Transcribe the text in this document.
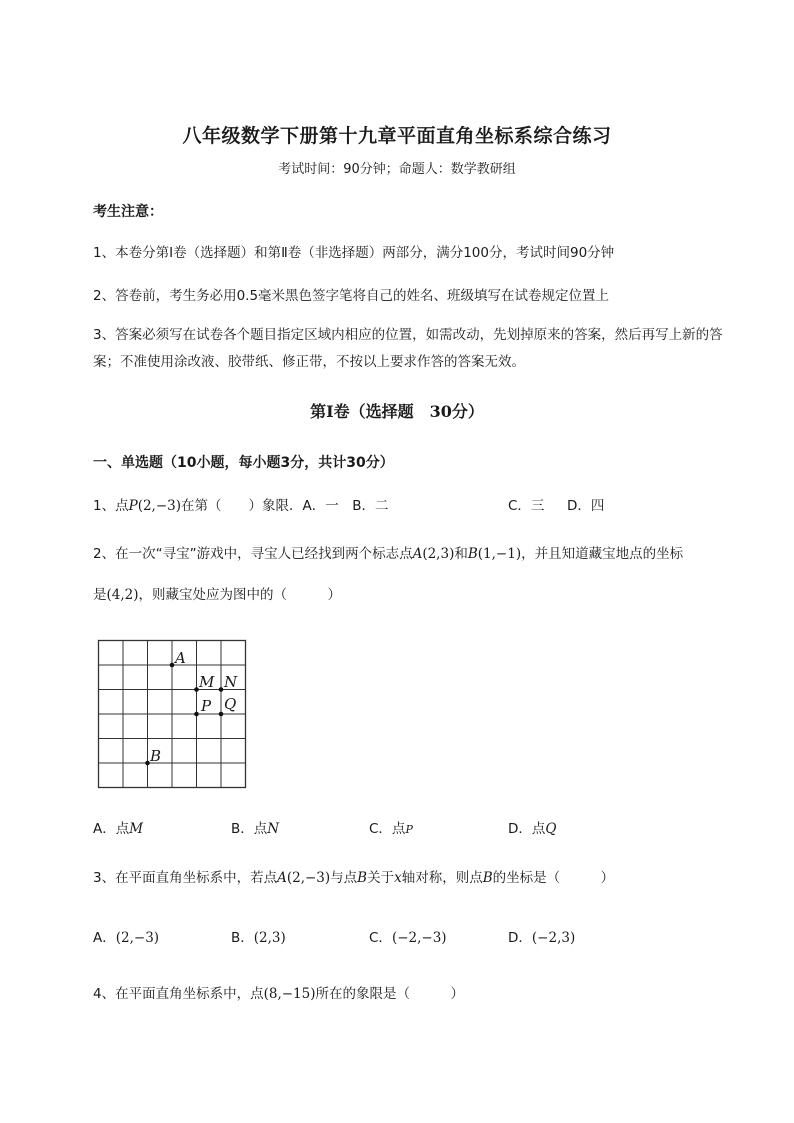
八年级数学下册第十九章平面直角坐标系综合练习
考试时间：90分钟；命题人：数学教研组
考生注意：
1、本卷分第Ⅰ卷（选择题）和第Ⅱ卷（非选择题）两部分，满分100分，考试时间90分钟
2、答卷前，考生务必用0.5毫米黑色签字笔将自己的姓名、班级填写在试卷规定位置上
3、答案必须写在试卷各个题目指定区域内相应的位置，如需改动，先划掉原来的答案，然后再写上新的答案；不准使用涂改液、胶带纸、修正带，不按以上要求作答的答案无效。
第Ⅰ卷（选择题　30分）
一、单选题（10小题，每小题3分，共计30分）
1、点P(2,−3)在第（　　）象限．A．一　B．二	C．三 D．四
2、在一次“寻宝”游戏中，寻宝人已经找到两个标志点A(2,3)和B(1,−1)，并且知道藏宝地点的坐标
是(4,2)，则藏宝处应为图中的（　　　）
A
M N
P Q
B
A．点M	B．点N	C．点P	D．点Q
3、在平面直角坐标系中，若点A(2,−3)与点B关于x轴对称，则点B的坐标是（　　　）
A．(2,−3)	B．(2,3)	C．(−2,−3)	D．(−2,3)
4、在平面直角坐标系中，点(8,−15)所在的象限是（　　　）
